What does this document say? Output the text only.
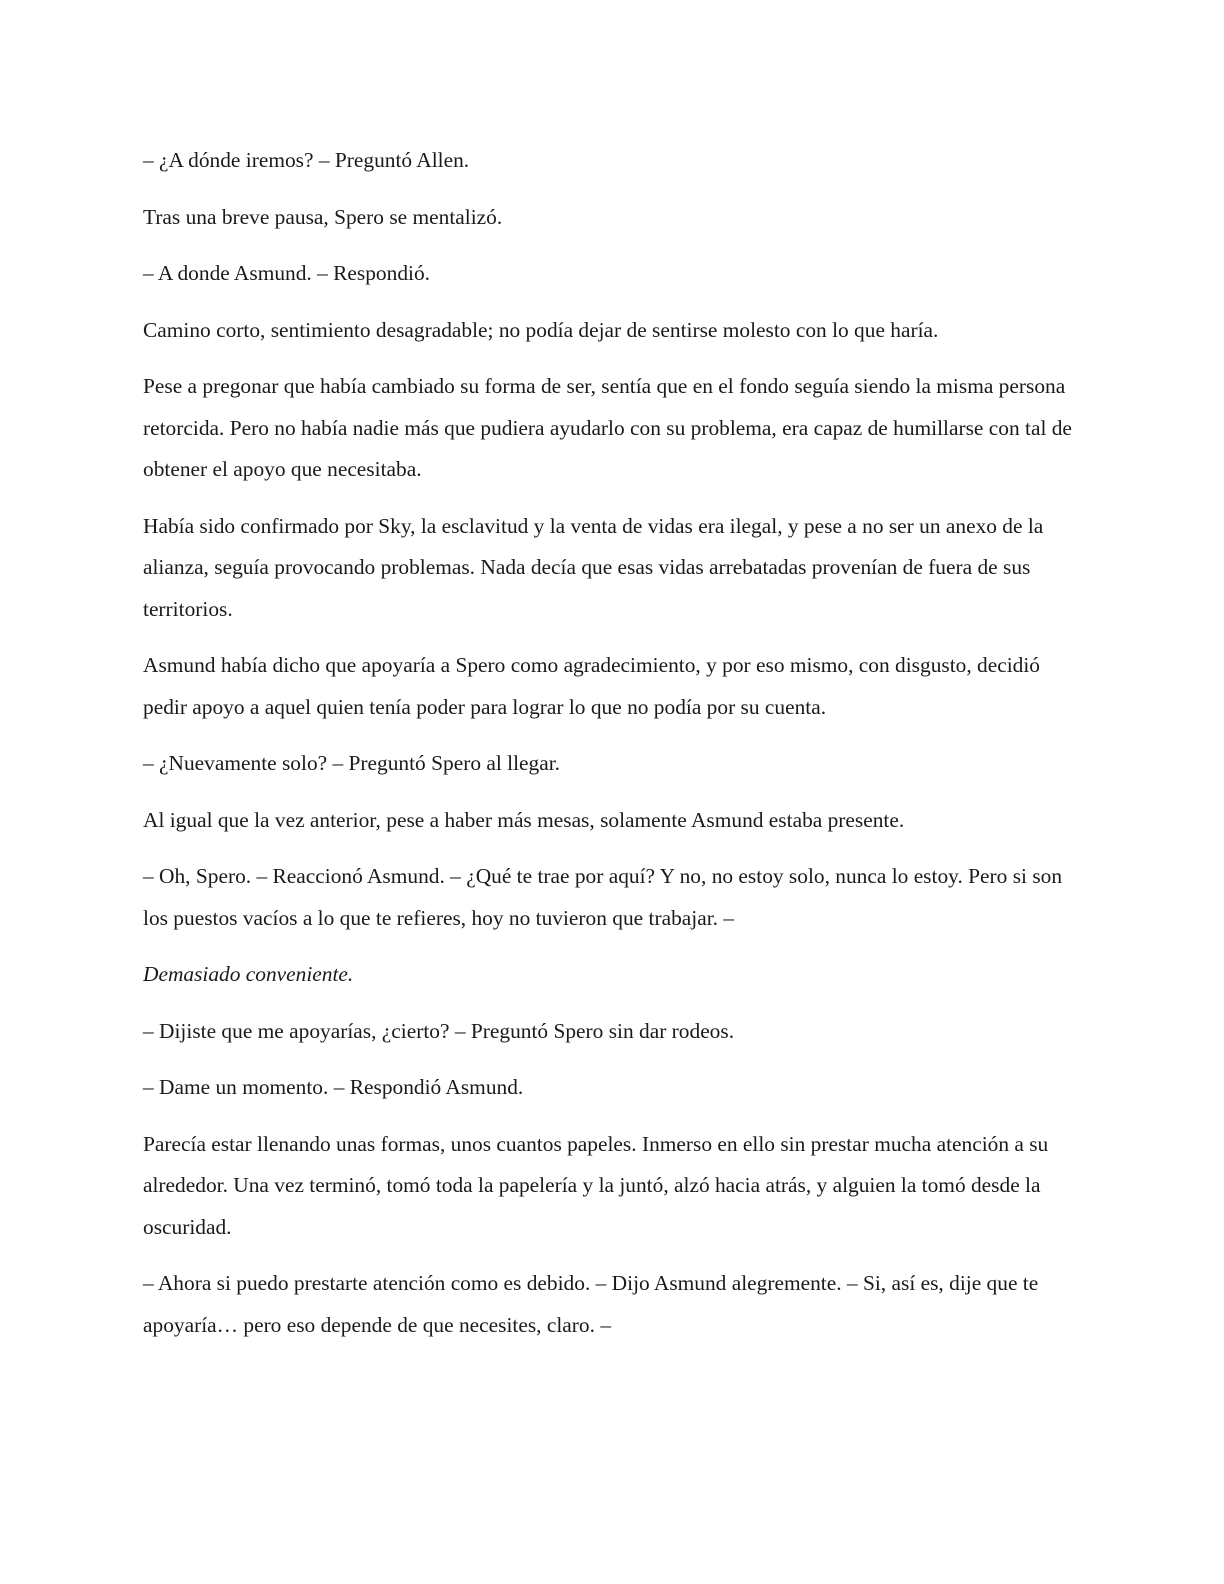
– ¿A dónde iremos? – Preguntó Allen.

Tras una breve pausa, Spero se mentalizó.

– A donde Asmund. – Respondió.

Camino corto, sentimiento desagradable; no podía dejar de sentirse molesto con lo que haría.

Pese a pregonar que había cambiado su forma de ser, sentía que en el fondo seguía siendo la misma persona retorcida. Pero no había nadie más que pudiera ayudarlo con su problema, era capaz de humillarse con tal de obtener el apoyo que necesitaba.

Había sido confirmado por Sky, la esclavitud y la venta de vidas era ilegal, y pese a no ser un anexo de la alianza, seguía provocando problemas. Nada decía que esas vidas arrebatadas provenían de fuera de sus territorios.

Asmund había dicho que apoyaría a Spero como agradecimiento, y por eso mismo, con disgusto, decidió pedir apoyo a aquel quien tenía poder para lograr lo que no podía por su cuenta.

– ¿Nuevamente solo? – Preguntó Spero al llegar.

Al igual que la vez anterior, pese a haber más mesas, solamente Asmund estaba presente.

– Oh, Spero. – Reaccionó Asmund. – ¿Qué te trae por aquí? Y no, no estoy solo, nunca lo estoy. Pero si son los puestos vacíos a lo que te refieres, hoy no tuvieron que trabajar. –

Demasiado conveniente.

– Dijiste que me apoyarías, ¿cierto? – Preguntó Spero sin dar rodeos.

– Dame un momento. – Respondió Asmund.

Parecía estar llenando unas formas, unos cuantos papeles. Inmerso en ello sin prestar mucha atención a su alrededor. Una vez terminó, tomó toda la papelería y la juntó, alzó hacia atrás, y alguien la tomó desde la oscuridad.

– Ahora si puedo prestarte atención como es debido. – Dijo Asmund alegremente. – Si, así es, dije que te apoyaría… pero eso depende de que necesites, claro. –
